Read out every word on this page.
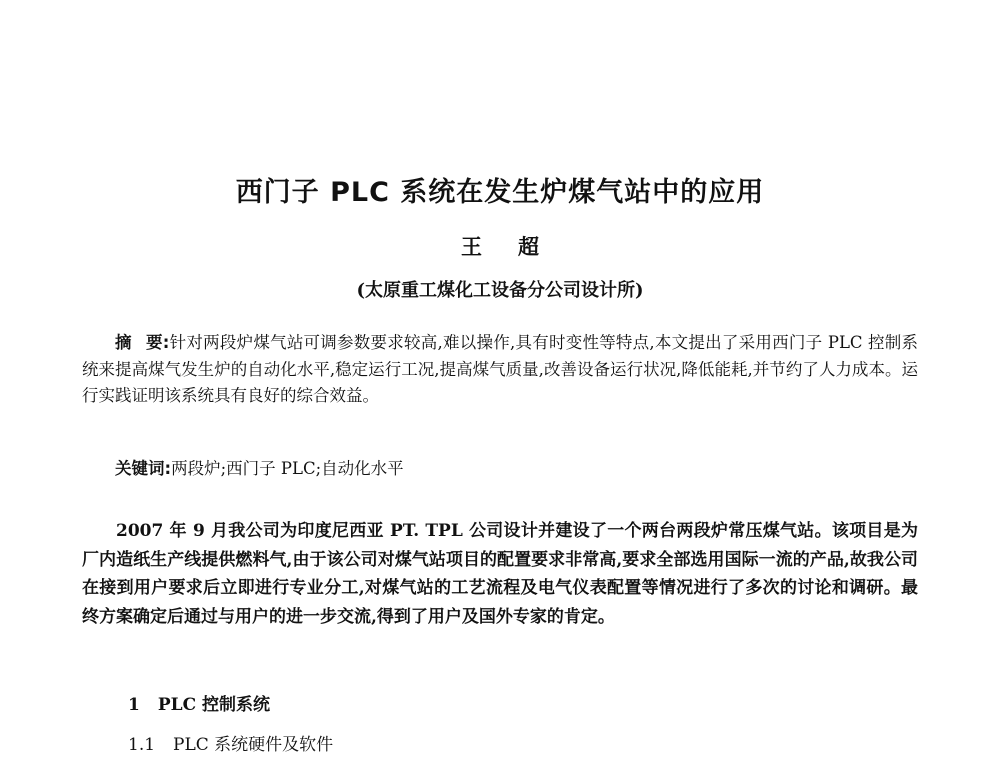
西门子 PLC 系统在发生炉煤气站中的应用
王 超
(太原重工煤化工设备分公司设计所)
摘 要:针对两段炉煤气站可调参数要求较高,难以操作,具有时变性等特点,本文提出了采用西门子 PLC 控制系统来提高煤气发生炉的自动化水平,稳定运行工况,提高煤气质量,改善设备运行状况,降低能耗,并节约了人力成本。运行实践证明该系统具有良好的综合效益。
关键词:两段炉;西门子 PLC;自动化水平
2007 年 9 月我公司为印度尼西亚 PT. TPL 公司设计并建设了一个两台两段炉常压煤气站。该项目是为厂内造纸生产线提供燃料气,由于该公司对煤气站项目的配置要求非常高,要求全部选用国际一流的产品,故我公司在接到用户要求后立即进行专业分工,对煤气站的工艺流程及电气仪表配置等情况进行了多次的讨论和调研。最终方案确定后通过与用户的进一步交流,得到了用户及国外专家的肯定。
1 PLC 控制系统
1.1 PLC 系统硬件及软件
